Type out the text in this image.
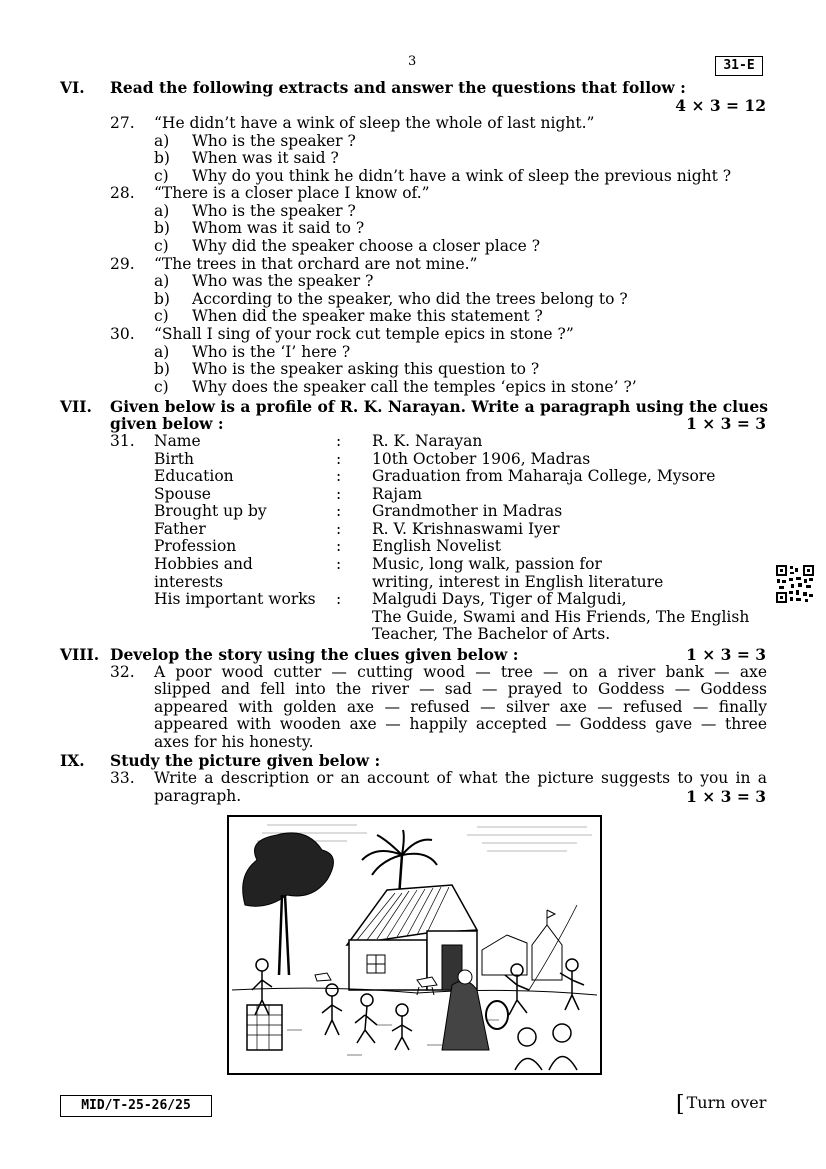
3	31-E
VI. Read the following extracts and answer the questions that follow :
4 × 3 = 12
27. “He didn’t have a wink of sleep the whole of last night.”
a) Who is the speaker ?
b) When was it said ?
c) Why do you think he didn’t have a wink of sleep the previous night ?
28. “There is a closer place I know of.”
a) Who is the speaker ?
b) Whom was it said to ?
c) Why did the speaker choose a closer place ?
29. “The trees in that orchard are not mine.”
a) Who was the speaker ?
b) According to the speaker, who did the trees belong to ?
c) When did the speaker make this statement ?
30. “Shall I sing of your rock cut temple epics in stone ?”
a) Who is the ‘I’ here ?
b) Who is the speaker asking this question to ?
c) Why does the speaker call the temples ‘epics in stone’ ?’
VII. Given below is a profile of R. K. Narayan. Write a paragraph using the clues
given below :	1 × 3 = 3
31. Name	: R. K. Narayan
Birth	: 10th October 1906, Madras
Education	: Graduation from Maharaja College, Mysore
Spouse	: Rajam
Brought up by	: Grandmother in Madras
Father	: R. V. Krishnaswami Iyer
Profession	: English Novelist
Hobbies and	: Music, long walk, passion for
interests	writing, interest in English literature
His important works : Malgudi Days, Tiger of Malgudi,
The Guide, Swami and His Friends, The English
Teacher, The Bachelor of Arts.
VIII. Develop the story using the clues given below :	1 × 3 = 3
32. A poor wood cutter — cutting wood — tree — on a river bank — axe
slipped and fell into the river — sad — prayed to Goddess — Goddess
appeared with golden axe — refused — silver axe — refused — finally
appeared with wooden axe — happily accepted — Goddess gave — three
axes for his honesty.
IX. Study the picture given below :
33. Write a description or an account of what the picture suggests to you in a
paragraph.	1 × 3 = 3
MID/T-25-26/25	[ Turn over
